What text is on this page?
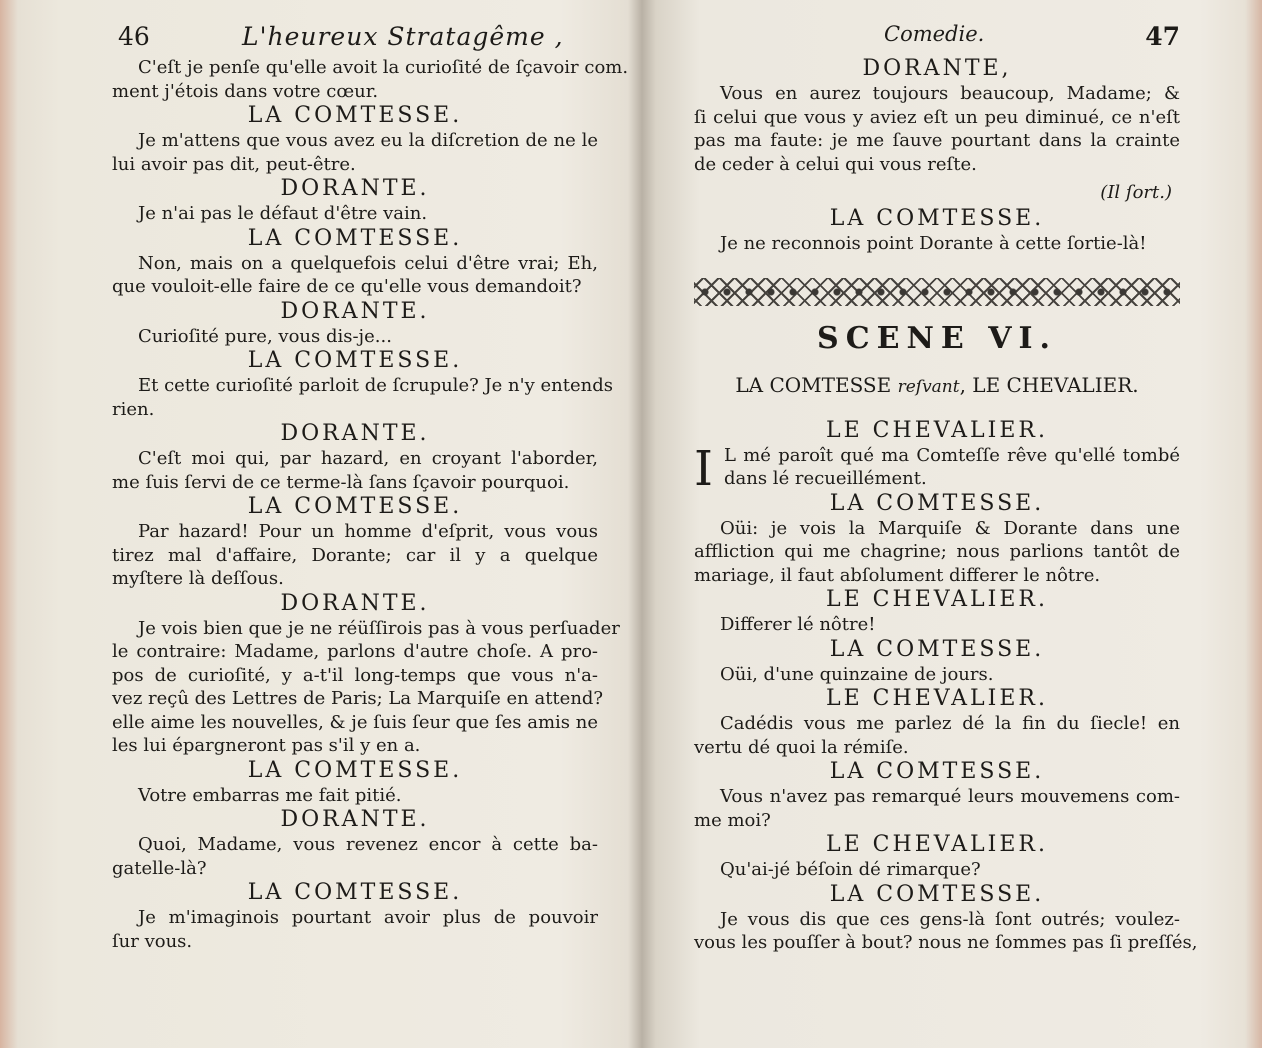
46	L'heureux Stratagême ,

C'eſt je penſe qu'elle avoit la curioſité de ſçavoir com.

ment j'étois dans votre cœur.

LA COMTESSE.

Je m'attens que vous avez eu la diſcretion de ne le

lui avoir pas dit, peut-être.

DORANTE.

Je n'ai pas le défaut d'être vain.

LA COMTESSE.

Non, mais on a quelquefois celui d'être vrai; Eh,

que vouloit-elle faire de ce qu'elle vous demandoit?

DORANTE.

Curioſité pure, vous dis-je...

LA COMTESSE.

Et cette curioſité parloit de ſcrupule? Je n'y entends

rien.

DORANTE.

C'eſt moi qui, par hazard, en croyant l'aborder,

me ſuis ſervi de ce terme-là ſans ſçavoir pourquoi.

LA COMTESSE.

Par hazard! Pour un homme d'eſprit, vous vous

tirez mal d'affaire, Dorante; car il y a quelque

myſtere là deſſous.

DORANTE.

Je vois bien que je ne réüſſirois pas à vous perſuader

le contraire: Madame, parlons d'autre choſe. A pro-

pos de curioſité, y a-t'il long-temps que vous n'a-

vez reçû des Lettres de Paris; La Marquiſe en attend?

elle aime les nouvelles, & je ſuis ſeur que ſes amis ne

les lui épargneront pas s'il y en a.

LA COMTESSE.

Votre embarras me fait pitié.

DORANTE.

Quoi, Madame, vous revenez encor à cette ba-

gatelle-là?

LA COMTESSE.

Je m'imaginois pourtant avoir plus de pouvoir

ſur vous.

Comedie.	47

DORANTE,

Vous en aurez toujours beaucoup, Madame; &

ſi celui que vous y aviez eſt un peu diminué, ce n'eſt

pas ma faute: je me ſauve pourtant dans la crainte

de ceder à celui qui vous reſte.

(Il ſort.)

LA COMTESSE.

Je ne reconnois point Dorante à cette ſortie-là!

SCENE VI.
LA COMTESSE reſvant, LE CHEVALIER.

LE CHEVALIER.

I L mé paroît qué ma Comteſſe rêve qu'ellé tombé

dans lé recueillément.

LA COMTESSE.

Oüi: je vois la Marquiſe & Dorante dans une

affliction qui me chagrine; nous parlions tantôt de

mariage, il faut abſolument differer le nôtre.

LE CHEVALIER.

Differer lé nôtre!

LA COMTESSE.

Oüi, d'une quinzaine de jours.

LE CHEVALIER.

Cadédis vous me parlez dé la fin du ſiecle! en

vertu dé quoi la rémiſe.

LA COMTESSE.

Vous n'avez pas remarqué leurs mouvemens com-

me moi?

LE CHEVALIER.

Qu'ai-jé béſoin dé rimarque?

LA COMTESSE.

Je vous dis que ces gens-là ſont outrés; voulez-

vous les pouſſer à bout? nous ne ſommes pas ſi preſſés,
